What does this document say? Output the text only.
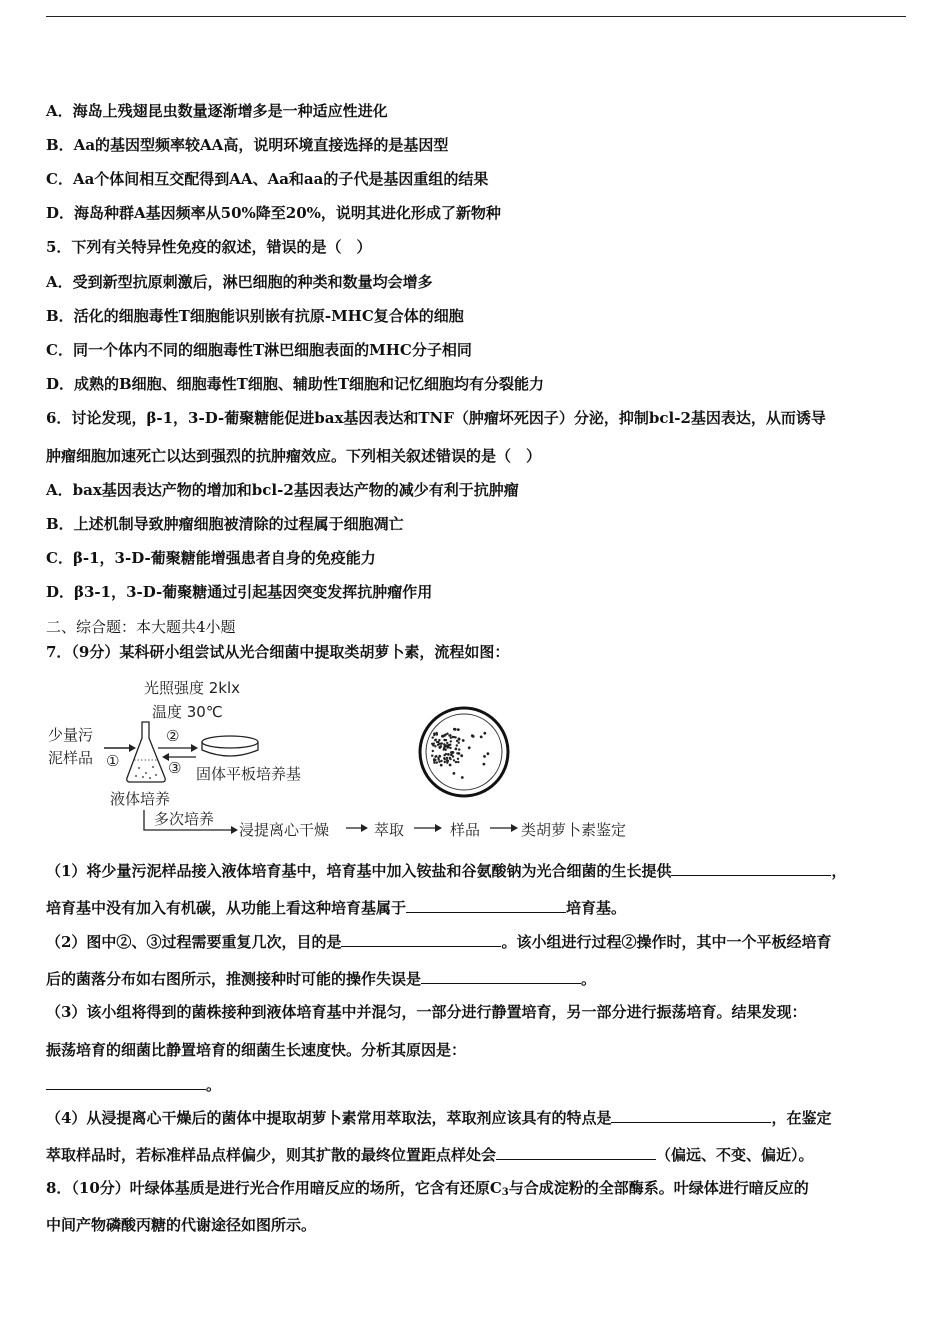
A．海岛上残翅昆虫数量逐渐增多是一种适应性进化
B．Aa的基因型频率较AA高，说明环境直接选择的是基因型
C．Aa个体间相互交配得到AA、Aa和aa的子代是基因重组的结果
D．海岛种群A基因频率从50%降至20%，说明其进化形成了新物种
5．下列有关特异性免疫的叙述，错误的是（　）
A．受到新型抗原刺激后，淋巴细胞的种类和数量均会增多
B．活化的细胞毒性T细胞能识别嵌有抗原-MHC复合体的细胞
C．同一个体内不同的细胞毒性T淋巴细胞表面的MHC分子相同
D．成熟的B细胞、细胞毒性T细胞、辅助性T细胞和记忆细胞均有分裂能力
6．讨论发现，β-1，3-D-葡聚糖能促进bax基因表达和TNF（肿瘤坏死因子）分泌，抑制bcl-2基因表达，从而诱导
肿瘤细胞加速死亡以达到强烈的抗肿瘤效应。下列相关叙述错误的是（　）
A．bax基因表达产物的增加和bcl-2基因表达产物的减少有利于抗肿瘤
B．上述机制导致肿瘤细胞被清除的过程属于细胞凋亡
C．β-1，3-D-葡聚糖能增强患者自身的免疫能力
D．β3-1，3-D-葡聚糖通过引起基因突变发挥抗肿瘤作用
二、综合题：本大题共4小题
7．（9分）某科研小组尝试从光合细菌中提取类胡萝卜素，流程如图：
光照强度 2klx
温度 30℃
少量污
泥样品 ①
②
③ 固体平板培养基
液体培养
多次培养
浸提离心干燥	萃取	样品	类胡萝卜素鉴定
（1）将少量污泥样品接入液体培育基中，培育基中加入铵盐和谷氨酸钠为光合细菌的生长提供	，
培育基中没有加入有机碳，从功能上看这种培育基属于	培育基。
（2）图中②、③过程需要重复几次，目的是	。该小组进行过程②操作时，其中一个平板经培育
后的菌落分布如右图所示，推测接种时可能的操作失误是	。
（3）该小组将得到的菌株接种到液体培育基中并混匀，一部分进行静置培育，另一部分进行振荡培育。结果发现：
振荡培育的细菌比静置培育的细菌生长速度快。分析其原因是：
。
（4）从浸提离心干燥后的菌体中提取胡萝卜素常用萃取法，萃取剂应该具有的特点是	，在鉴定
萃取样品时，若标准样品点样偏少，则其扩散的最终位置距点样处会	（偏远、不变、偏近）。
8．（10分）叶绿体基质是进行光合作用暗反应的场所，它含有还原$C_3$与合成淀粉的全部酶系。叶绿体进行暗反应的
中间产物磷酸丙糖的代谢途径如图所示。
